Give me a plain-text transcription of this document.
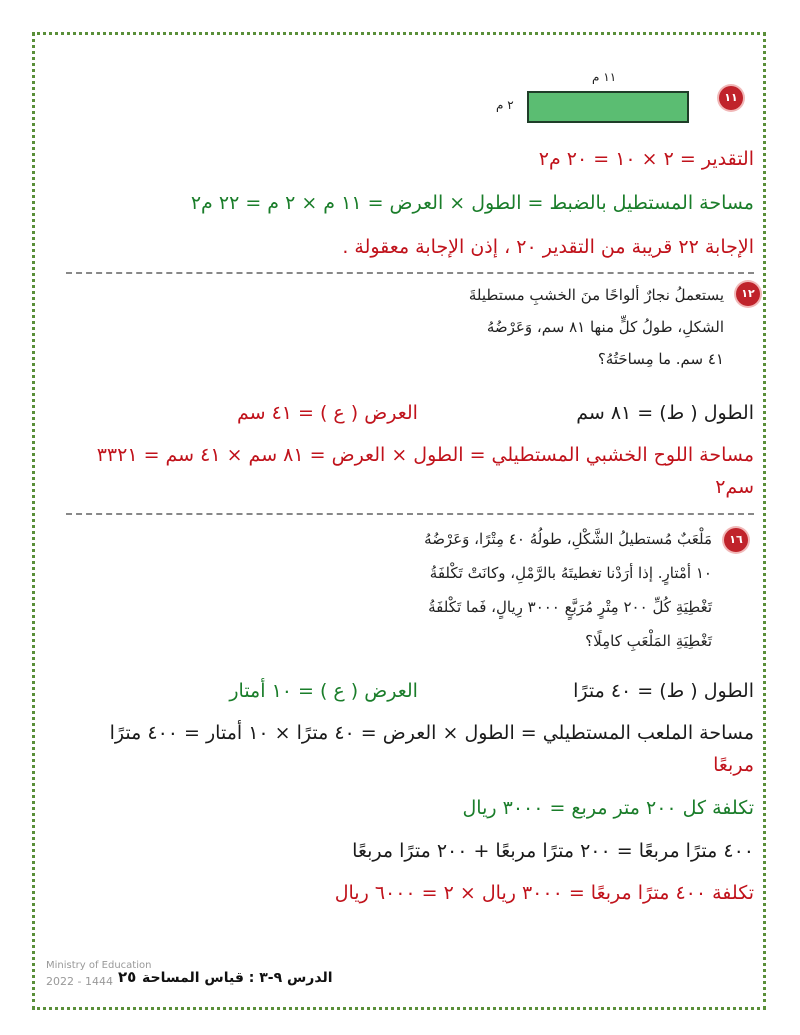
١١ م
٢ م
١١
التقدير = ٢ × ١٠ = ٢٠ م٢
مساحة المستطيل بالضبط = الطول × العرض = ١١ م × ٢ م = ٢٢ م٢
الإجابة ٢٢ قريبة من التقدير ٢٠ ، إذن الإجابة معقولة .
١٢
يستعملُ نجارٌ ألواحًا منَ الخشبِ مستطيلةَ
الشكلِ، طولُ كلٍّ منها ٨١ سم، وَعَرْضُهُ
٤١ سم. ما مِساحَتُهُ؟
الطول ( ط) = ٨١ سم العرض ( ع ) = ٤١ سم
مساحة اللوح الخشبي المستطيلي = الطول × العرض = ٨١ سم × ٤١ سم = ٣٣٢١
سم٢
١٦
مَلْعَبٌ مُستطيلُ الشَّكْلِ، طولُهُ ٤٠ مِتْرًا، وَعَرْضُهُ
١٠ أمْتارٍ. إذا أرَدْنا تغطيتَهُ بالرَّمْلِ، وكانَتْ تَكْلفَةُ
تَغْطِيَةِ كُلِّ ٢٠٠ مِتْرٍ مُرَبَّعٍ ٣٠٠٠ رِيالٍ، فَما تَكْلفَةُ
تَغْطِيَةِ المَلْعَبِ كامِلًا؟
الطول ( ط) = ٤٠ مترًا العرض ( ع ) = ١٠ أمتار
مساحة الملعب المستطيلي = الطول × العرض = ٤٠ مترًا × ١٠ أمتار = ٤٠٠ مترًا
مربعًا
تكلفة كل ٢٠٠ متر مربع = ٣٠٠٠ ريال
٤٠٠ مترًا مربعًا = ٢٠٠ مترًا مربعًا + ٢٠٠ مترًا مربعًا
تكلفة ٤٠٠ مترًا مربعًا = ٣٠٠٠ ريال × ٢ = ٦٠٠٠ ريال
Ministry of Education
2022 - 1444 ٢٥ الدرس ٩-٣ : قياس المساحة
